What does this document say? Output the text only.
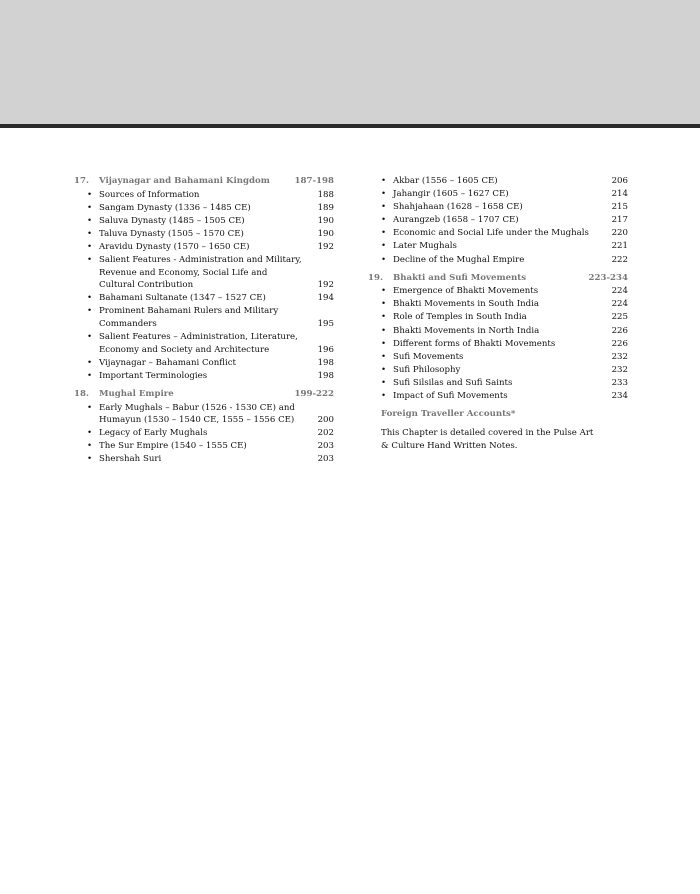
17.	Vijaynagar and Bahamani Kingdom	187-198
• Sources of Information	188
• Sangam Dynasty (1336 – 1485 CE)	189
• Saluva Dynasty (1485 – 1505 CE)	190
• Taluva Dynasty (1505 – 1570 CE)	190
• Aravidu Dynasty (1570 – 1650 CE)	192
• Salient Features - Administration and Military, Revenue and Economy, Social Life and Cultural Contribution	192
• Bahamani Sultanate (1347 – 1527 CE)	194
• Prominent Bahamani Rulers and Military Commanders	195
• Salient Features – Administration, Literature, Economy and Society and Architecture	196
• Vijaynagar – Bahamani Conflict	198
• Important Terminologies	198
18.	Mughal Empire	199-222
• Early Mughals – Babur (1526 - 1530 CE) and Humayun (1530 – 1540 CE, 1555 – 1556 CE)	200
• Legacy of Early Mughals	202
• The Sur Empire (1540 – 1555 CE)	203
• Shershah Suri	203
• Akbar (1556 – 1605 CE)	206
• Jahangir (1605 – 1627 CE)	214
• Shahjahaan (1628 – 1658 CE)	215
• Aurangzeb (1658 – 1707 CE)	217
• Economic and Social Life under the Mughals	220
• Later Mughals	221
• Decline of the Mughal Empire	222
19.	Bhakti and Sufi Movements	223-234
• Emergence of Bhakti Movements	224
• Bhakti Movements in South India	224
• Role of Temples in South India	225
• Bhakti Movements in North India	226
• Different forms of Bhakti Movements	226
• Sufi Movements	232
• Sufi Philosophy	232
• Sufi Silsilas and Sufi Saints	233
• Impact of Sufi Movements	234
Foreign Traveller Accounts*
This Chapter is detailed covered in the Pulse Art & Culture Hand Written Notes.
